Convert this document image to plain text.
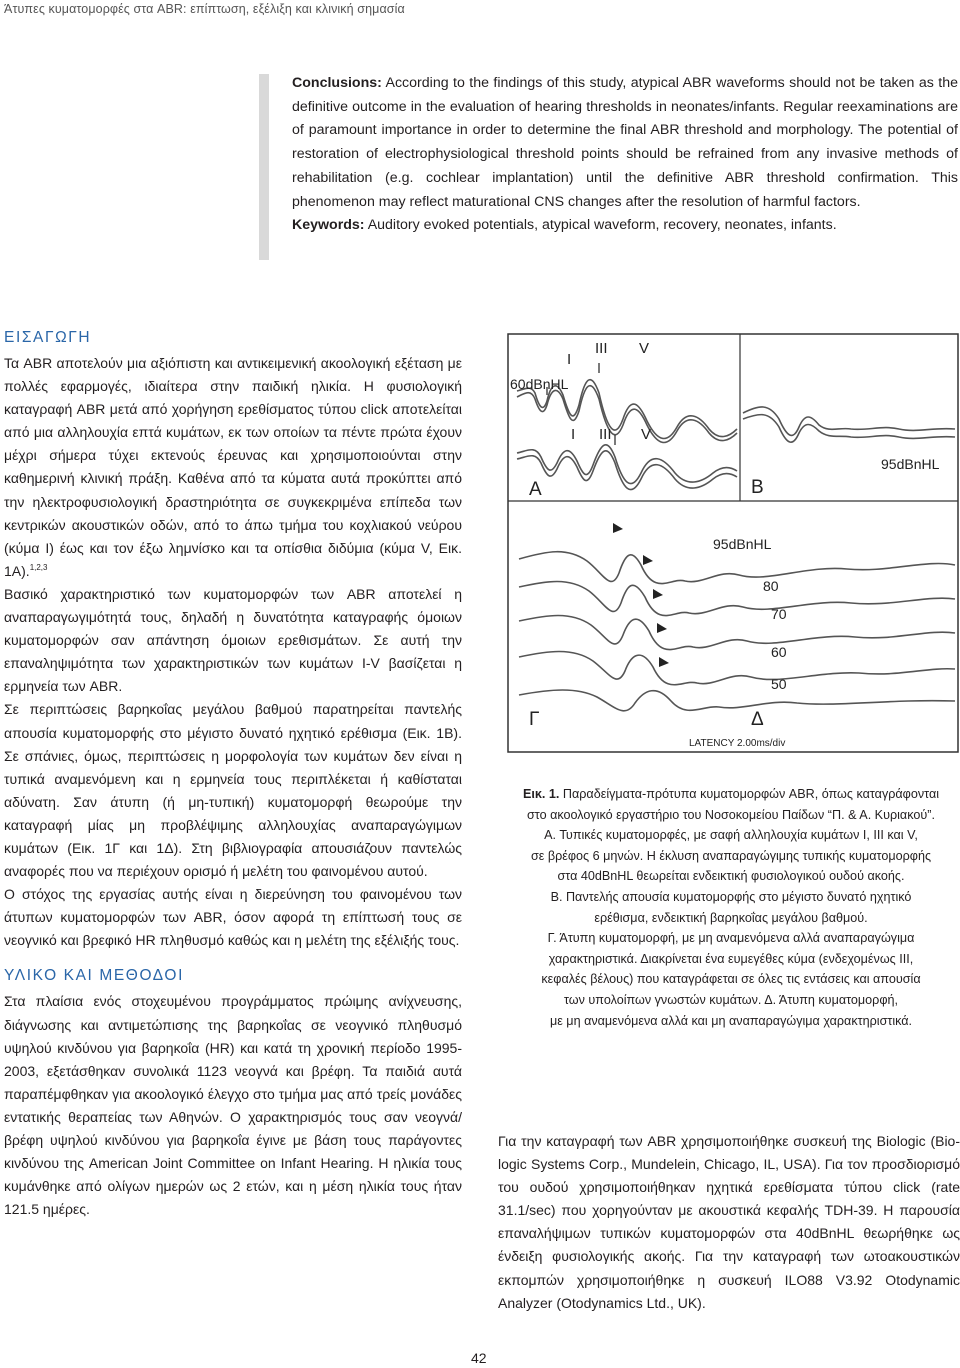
Άτυπες κυματομορφές στα ABR: επίπτωση, εξέλιξη και κλινική σημασία

Conclusions: According to the findings of this study, atypical ABR waveforms should not be taken as the definitive outcome in the evaluation of hearing thresholds in neonates/infants. Regular reexaminations are of paramount importance in order to determine the final ABR threshold and morphology. The potential of restoration of electrophysiological threshold points should be refrained from any invasive methods of rehabilitation (e.g. cochlear implantation) until the definitive ABR threshold confirmation. This phenomenon may reflect maturational CNS changes after the resolution of harmful factors.

Keywords: Auditory evoked potentials, atypical waveform, recovery, neonates, infants.

ΕΙΣΑΓΩΓΗ

Τα ABR αποτελούν μια αξιόπιστη και αντικειμενική ακοολογική εξέταση με πολλές εφαρμογές, ιδιαίτερα στην παιδική ηλικία. Η φυσιολογική καταγραφή ABR μετά από χορήγηση ερεθίσματος τύπου click αποτελείται από μια αλληλουχία επτά κυμάτων, εκ των οποίων τα πέντε πρώτα έχουν μέχρι σήμερα τύχει εκτενούς έρευνας και χρησιμοποιούνται στην καθημερινή κλινική πράξη. Καθένα από τα κύματα αυτά προκύπτει από την ηλεκτροφυσιολογική δραστηριότητα σε συγκεκριμένα επίπεδα των κεντρικών ακουστικών οδών, από το άπω τμήμα του κοχλιακού νεύρου (κύμα I) έως και τον έξω λημνίσκο και τα οπίσθια διδύμια (κύμα V, Εικ. 1Α).$^{1,2,3}$

Βασικό χαρακτηριστικό των κυματομορφών των ABR αποτελεί η αναπαραγωγιμότητά τους, δηλαδή η δυνατότητα καταγραφής όμοιων κυματομορφών σαν απάντηση όμοιων ερεθισμάτων. Σε αυτή την επαναληψιμότητα των χαρακτηριστικών των κυμάτων I-V βασίζεται η ερμηνεία των ABR.

Σε περιπτώσεις βαρηκοΐας μεγάλου βαθμού παρατηρείται παντελής απουσία κυματομορφής στο μέγιστο δυνατό ηχητικό ερέθισμα (Εικ. 1Β). Σε σπάνιες, όμως, περιπτώσεις η μορφολογία των κυμάτων δεν είναι η τυπικά αναμενόμενη και η ερμηνεία τους περιπλέκεται ή καθίσταται αδύνατη. Σαν άτυπη (ή μη-τυπική) κυματομορφή θεωρούμε την καταγραφή μίας μη προβλέψιμης αλληλουχίας αναπαραγώγιμων κυμάτων (Εικ. 1Γ και 1Δ). Στη βιβλιογραφία απουσιάζουν παντελώς αναφορές που να περιέχουν ορισμό ή μελέτη του φαινομένου αυτού.

Ο στόχος της εργασίας αυτής είναι η διερεύνηση του φαινομένου των άτυπων κυματομορφών των ABR, όσον αφορά τη επίπτωσή τους σε νεογνικό και βρεφικό HR πληθυσμό καθώς και η μελέτη της εξέλιξής τους.

ΥΛΙΚΟ ΚΑΙ ΜΕΘΟΔΟΙ

Στα πλαίσια ενός στοχευμένου προγράμματος πρώιμης ανίχνευσης, διάγνωσης και αντιμετώπισης της βαρηκοΐας σε νεογνικό πληθυσμό υψηλού κινδύνου για βαρηκοΐα (HR) και κατά τη χρονική περίοδο 1995-2003, εξετάσθηκαν συνολικά 1123 νεογνά και βρέφη. Τα παιδιά αυτά παραπέμφθηκαν για ακοολογικό έλεγχο στο τμήμα μας από τρείς μονάδες εντατικής θεραπείας των Αθηνών. Ο χαρακτηρισμός τους σαν νεογνά/βρέφη υψηλού κινδύνου για βαρηκοΐα έγινε με βάση τους παράγοντες κινδύνου της American Joint Committee on Infant Hearing. Η ηλικία τους κυμάνθηκε από ολίγων ημερών ως 2 ετών, και η μέση ηλικία τους ήταν 121.5 ημέρες.

I
III V
I III V
60dBnHL
95dBnHL
95dBnHL
80
70
60
50
A	B
Γ	Δ
LATENCY 2.00ms/div

Εικ. 1. Παραδείγματα-πρότυπα κυματομορφών ABR, όπως καταγράφονται

στο ακοολογικό εργαστήριο του Νοσοκομείου Παίδων “Π. & Α. Κυριακού”.

Α. Τυπικές κυματομορφές, με σαφή αλληλουχία κυμάτων I, III και V,

σε βρέφος 6 μηνών. Η έκλυση αναπαραγώγιμης τυπικής κυματομορφής

στα 40dBnHL θεωρείται ενδεικτική φυσιολογικού ουδού ακοής.

Β. Παντελής απουσία κυματομορφής στο μέγιστο δυνατό ηχητικό

ερέθισμα, ενδεικτική βαρηκοΐας μεγάλου βαθμού.

Γ. Άτυπη κυματομορφή, με μη αναμενόμενα αλλά αναπαραγώγιμα

χαρακτηριστικά. Διακρίνεται ένα ευμεγέθες κύμα (ενδεχομένως III,

κεφαλές βέλους) που καταγράφεται σε όλες τις εντάσεις και απουσία

των υπολοίπων γνωστών κυμάτων. Δ. Άτυπη κυματομορφή,

με μη αναμενόμενα αλλά και μη αναπαραγώγιμα χαρακτηριστικά.

Για την καταγραφή των ABR χρησιμοποιήθηκε συσκευή της Biologic (Bio-logic Systems Corp., Mundelein, Chicago, IL, USA). Για τον προσδιορισμό του ουδού χρησιμοποιήθηκαν ηχητικά ερεθίσματα τύπου click (rate 31.1/sec) που χορηγούνταν με ακουστικά κεφαλής TDH-39. Η παρουσία επαναλήψιμων τυπικών κυματομορφών στα 40dBnHL θεωρήθηκε ως ένδειξη φυσιολογικής ακοής. Για την καταγραφή των ωτοακουστικών εκπομπών χρησιμοποιήθηκε η συσκευή ILO88 V3.92 Otodynamic Analyzer (Otodynamics Ltd., UK).

42
